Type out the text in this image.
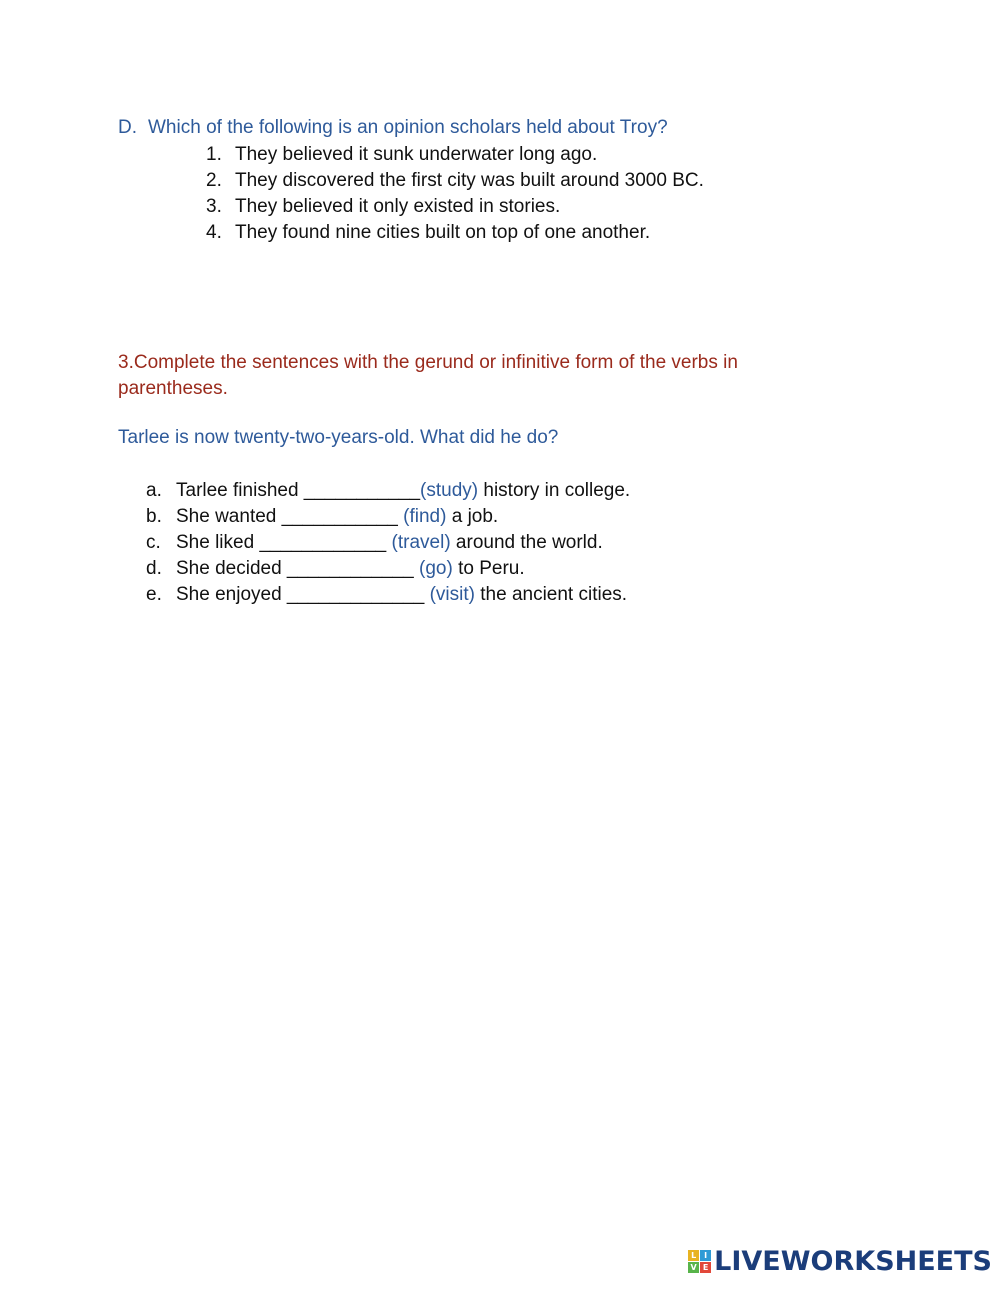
D. Which of the following is an opinion scholars held about Troy?
1. They believed it sunk underwater long ago.
2. They discovered the first city was built around 3000 BC.
3. They believed it only existed in stories.
4. They found nine cities built on top of one another.
3.Complete the sentences with the gerund or infinitive form of the verbs in parentheses.
Tarlee is now twenty-two-years-old. What did he do?
a. Tarlee finished ___________(study) history in college.
b. She wanted ___________ (find) a job.
c. She liked ____________ (travel) around the world.
d. She decided ____________ (go) to Peru.
e. She enjoyed _____________ (visit) the ancient cities.
L I
V E LIVEWORKSHEETS
